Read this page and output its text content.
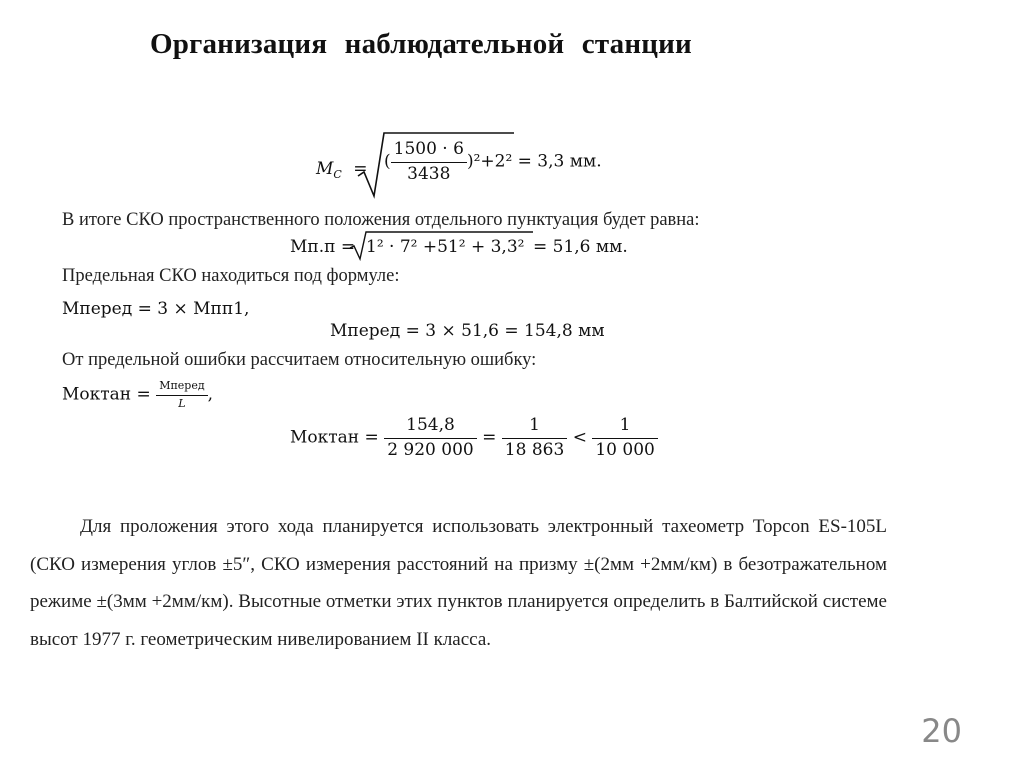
Организация наблюдательной станции
$M_C$ = ( $\frac{1500 \cdot 6}{3438} )^2+2^2 = 3,3$ мм.
В итоге СКО пространственного положения отдельного пунктуация будет равна:
Mп.п = 1² · 7² +51² + 3,3² = 51,6 мм.
Предельная СКО находиться под формуле:
Mперед = 3 × Mпп1,
Mперед = 3 × 51,6 = 154,8 мм
От предельной ошибки рассчитаем относительную ошибку:
Mоктан = $\frac{\text{Mперед}}{L}$ ,
Mоктан = $\frac{154,8}{2 920 000} = \frac{1}{18 863} < \frac{1}{10 000}$
Для проложения этого хода планируется использовать электронный тахеометр Topcon ES-105L (СКО измерения углов ±5″, СКО измерения расстояний на призму ±(2мм +2мм/км) в безотражательном режиме ±(3мм +2мм/км). Высотные отметки этих пунктов планируется определить в Балтийской системе высот 1977 г. геометрическим нивелированием II класса.
20
